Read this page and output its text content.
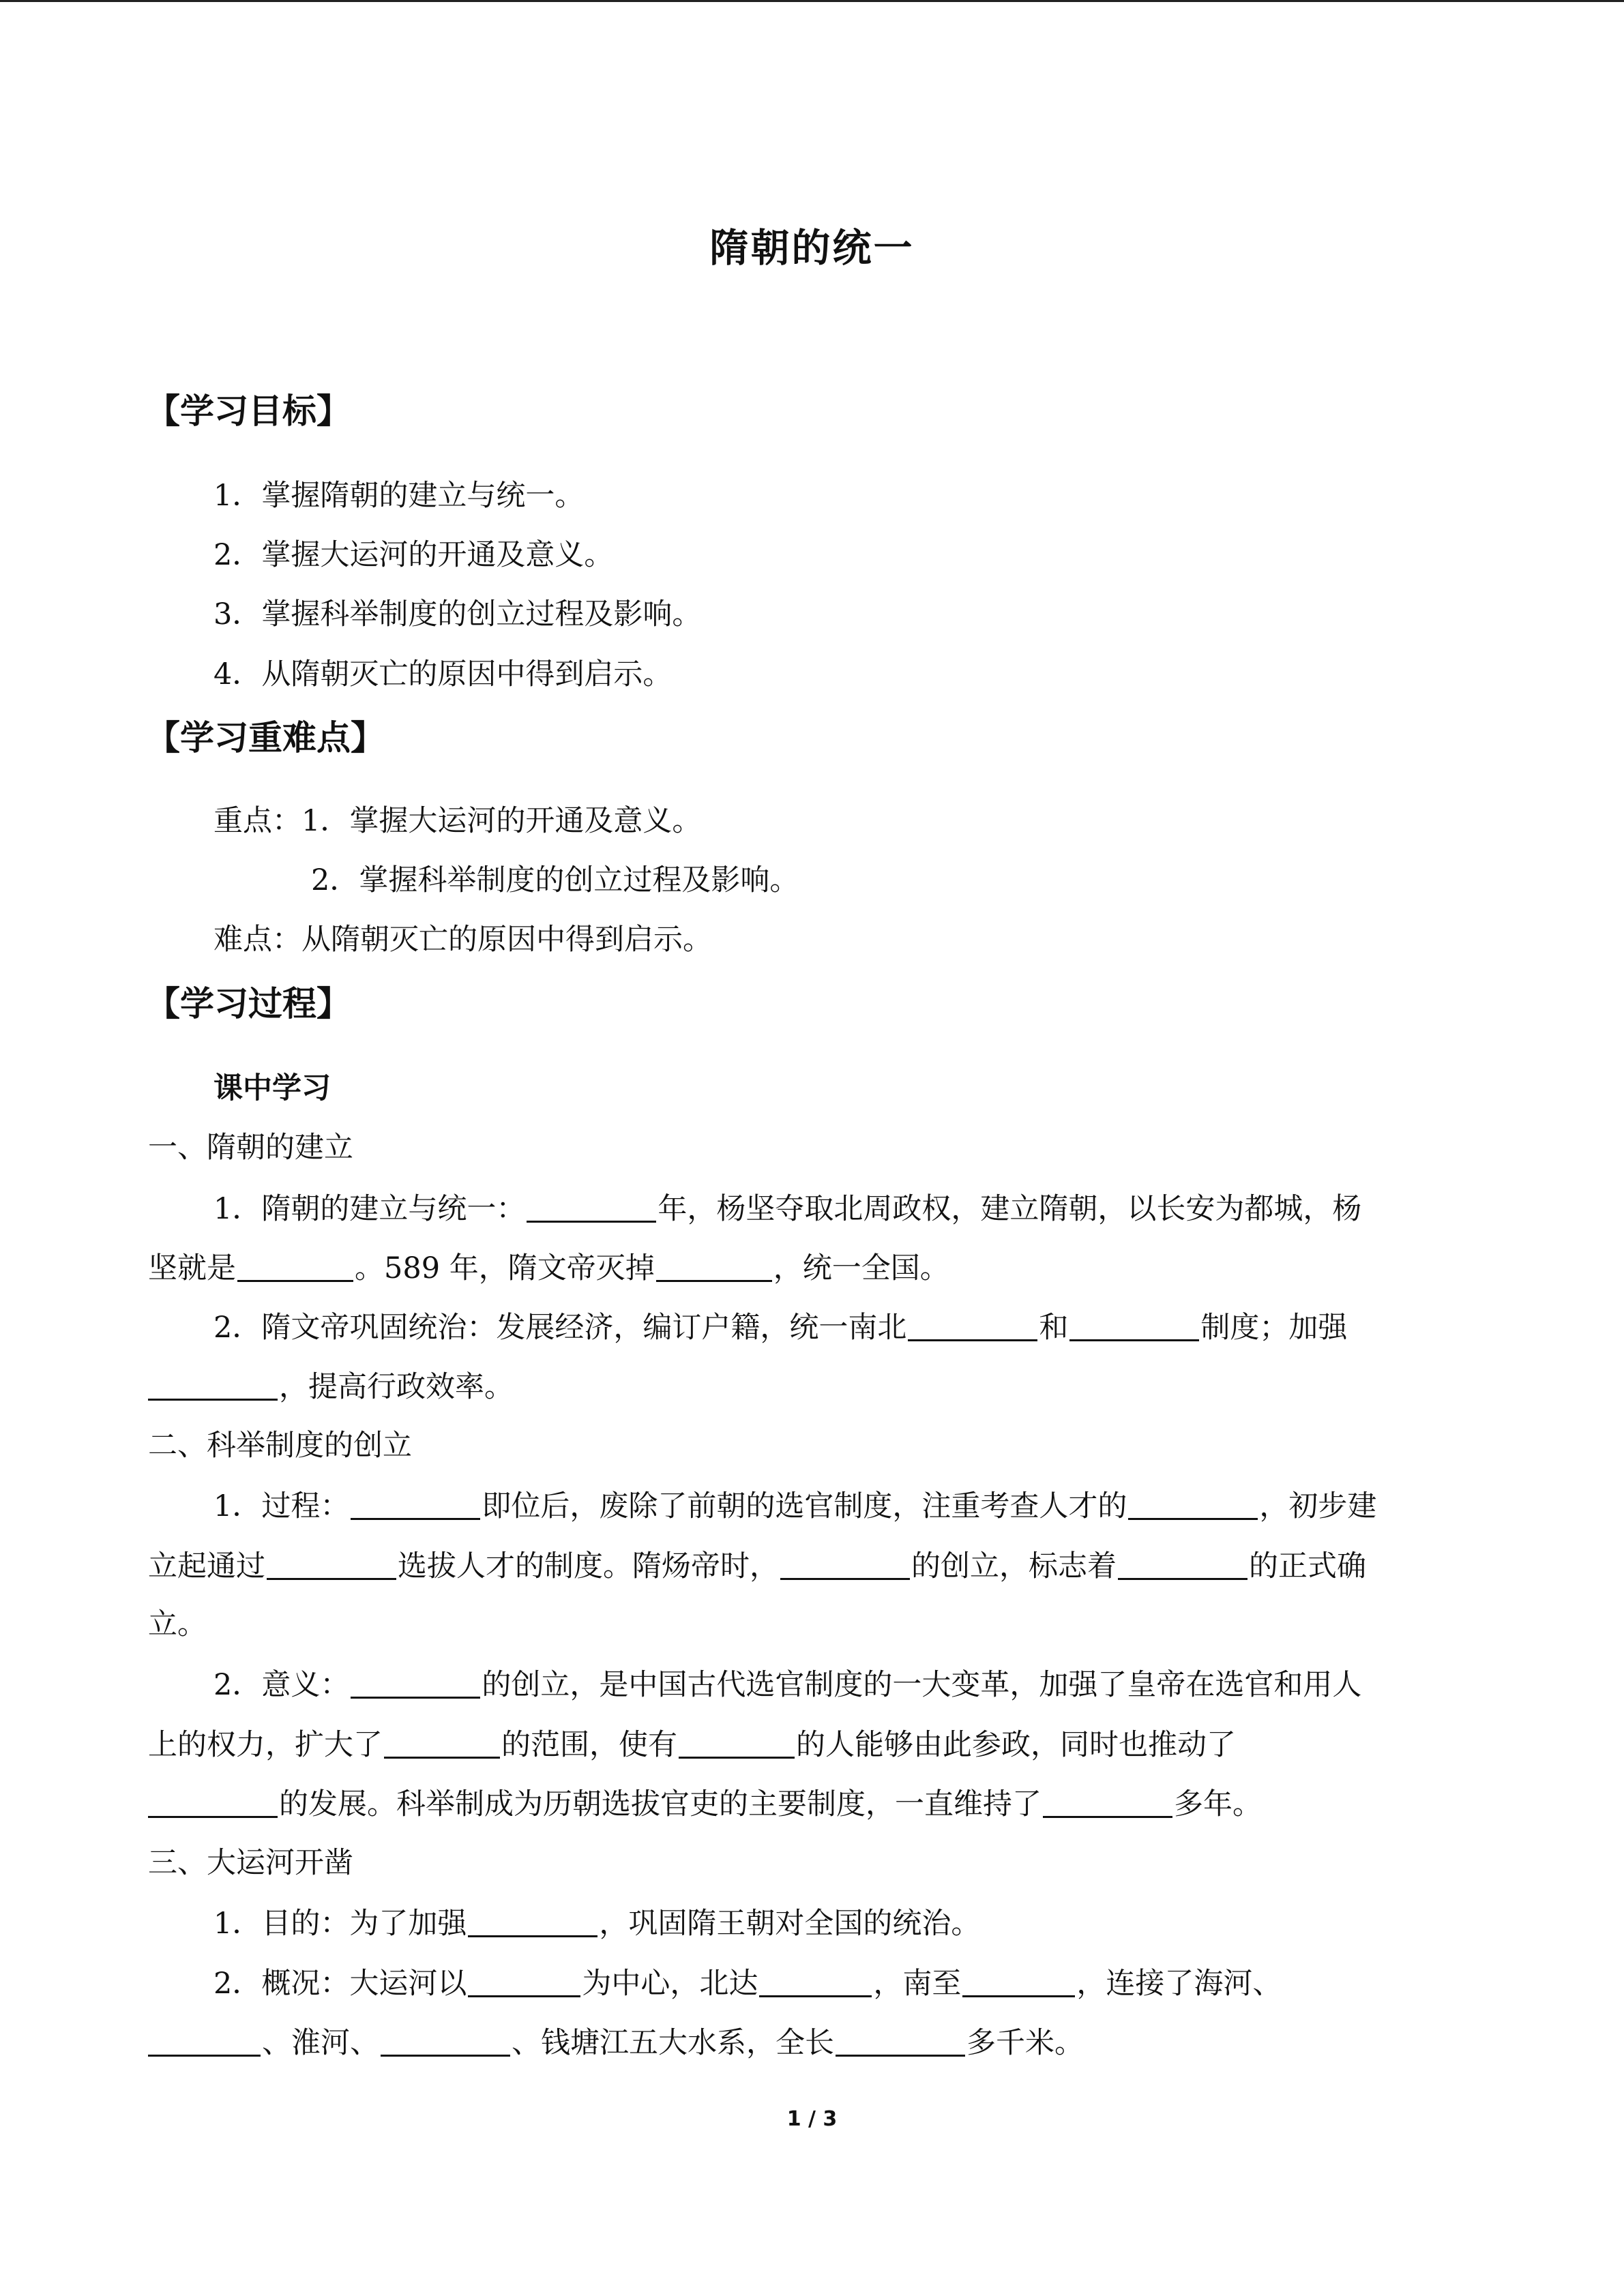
隋朝的统一
【学习目标】
1．掌握隋朝的建立与统一。
2．掌握大运河的开通及意义。
3．掌握科举制度的创立过程及影响。
4．从隋朝灭亡的原因中得到启示。
【学习重难点】
重点：1．掌握大运河的开通及意义。
2．掌握科举制度的创立过程及影响。
难点：从隋朝灭亡的原因中得到启示。
【学习过程】
课中学习
一、隋朝的建立
1．隋朝的建立与统一：	年，杨坚夺取北周政权，建立隋朝，以长安为都城，杨
坚就是	。589 年，隋文帝灭掉	，统一全国。
2．隋文帝巩固统治：发展经济，编订户籍，统一南北	和	制度；加强
，提高行政效率。
二、科举制度的创立
1．过程：	即位后，废除了前朝的选官制度，注重考查人才的	，初步建
立起通过	选拔人才的制度。隋炀帝时，	的创立，标志着	的正式确
立。
2．意义：	的创立，是中国古代选官制度的一大变革，加强了皇帝在选官和用人
上的权力，扩大了	的范围，使有	的人能够由此参政，同时也推动了
的发展。科举制成为历朝选拔官吏的主要制度，一直维持了	多年。
三、大运河开凿
1．目的：为了加强	，巩固隋王朝对全国的统治。
2．概况：大运河以	为中心，北达	，南至	，连接了海河、
、淮河、	、钱塘江五大水系，全长	多千米。
1 / 3
